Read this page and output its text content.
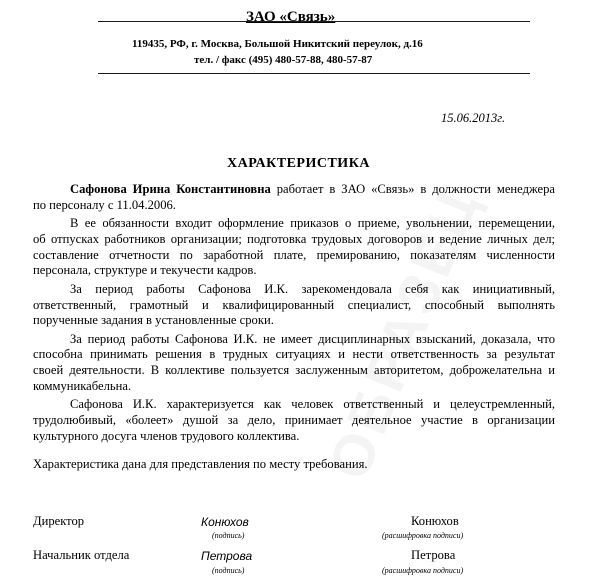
ЗАО «Связь»
119435, РФ, г. Москва, Большой Никитский переулок, д.16
тел. / факс (495) 480-57-88, 480-57-87
15.06.2013г.
ХАРАКТЕРИСТИКА
Сафонова Ирина Константиновна работает в ЗАО «Связь» в должности менеджера
по персоналу с 11.04.2006.
В ее обязанности входит оформление приказов о приеме, увольнении, перемещении,
об отпусках работников организации; подготовка трудовых договоров и ведение личных дел;
составление отчетности по заработной плате, премированию, показателям численности
персонала, структуре и текучести кадров.
За период работы Сафонова И.К. зарекомендовала себя как инициативный,
ответственный, грамотный и квалифицированный специалист, способный выполнять
порученные задания в установленные сроки.
За период работы Сафонова И.К. не имеет дисциплинарных взысканий, доказала, что
способна принимать решения в трудных ситуациях и нести ответственность за результат
своей деятельности. В коллективе пользуется заслуженным авторитетом, доброжелательна и
коммуникабельна.
Сафонова И.К. характеризуется как человек ответственный и целеустремленный,
трудолюбивый, «болеет» душой за дело, принимает деятельное участие в организации
культурного досуга членов трудового коллектива.
Характеристика дана для представления по месту требования.
Директор	Конюхов
(подпись)
Конюхов
(расшифровка подписи)
Начальник отдела	Петрова
(подпись)
Петрова
(расшифровка подписи)
